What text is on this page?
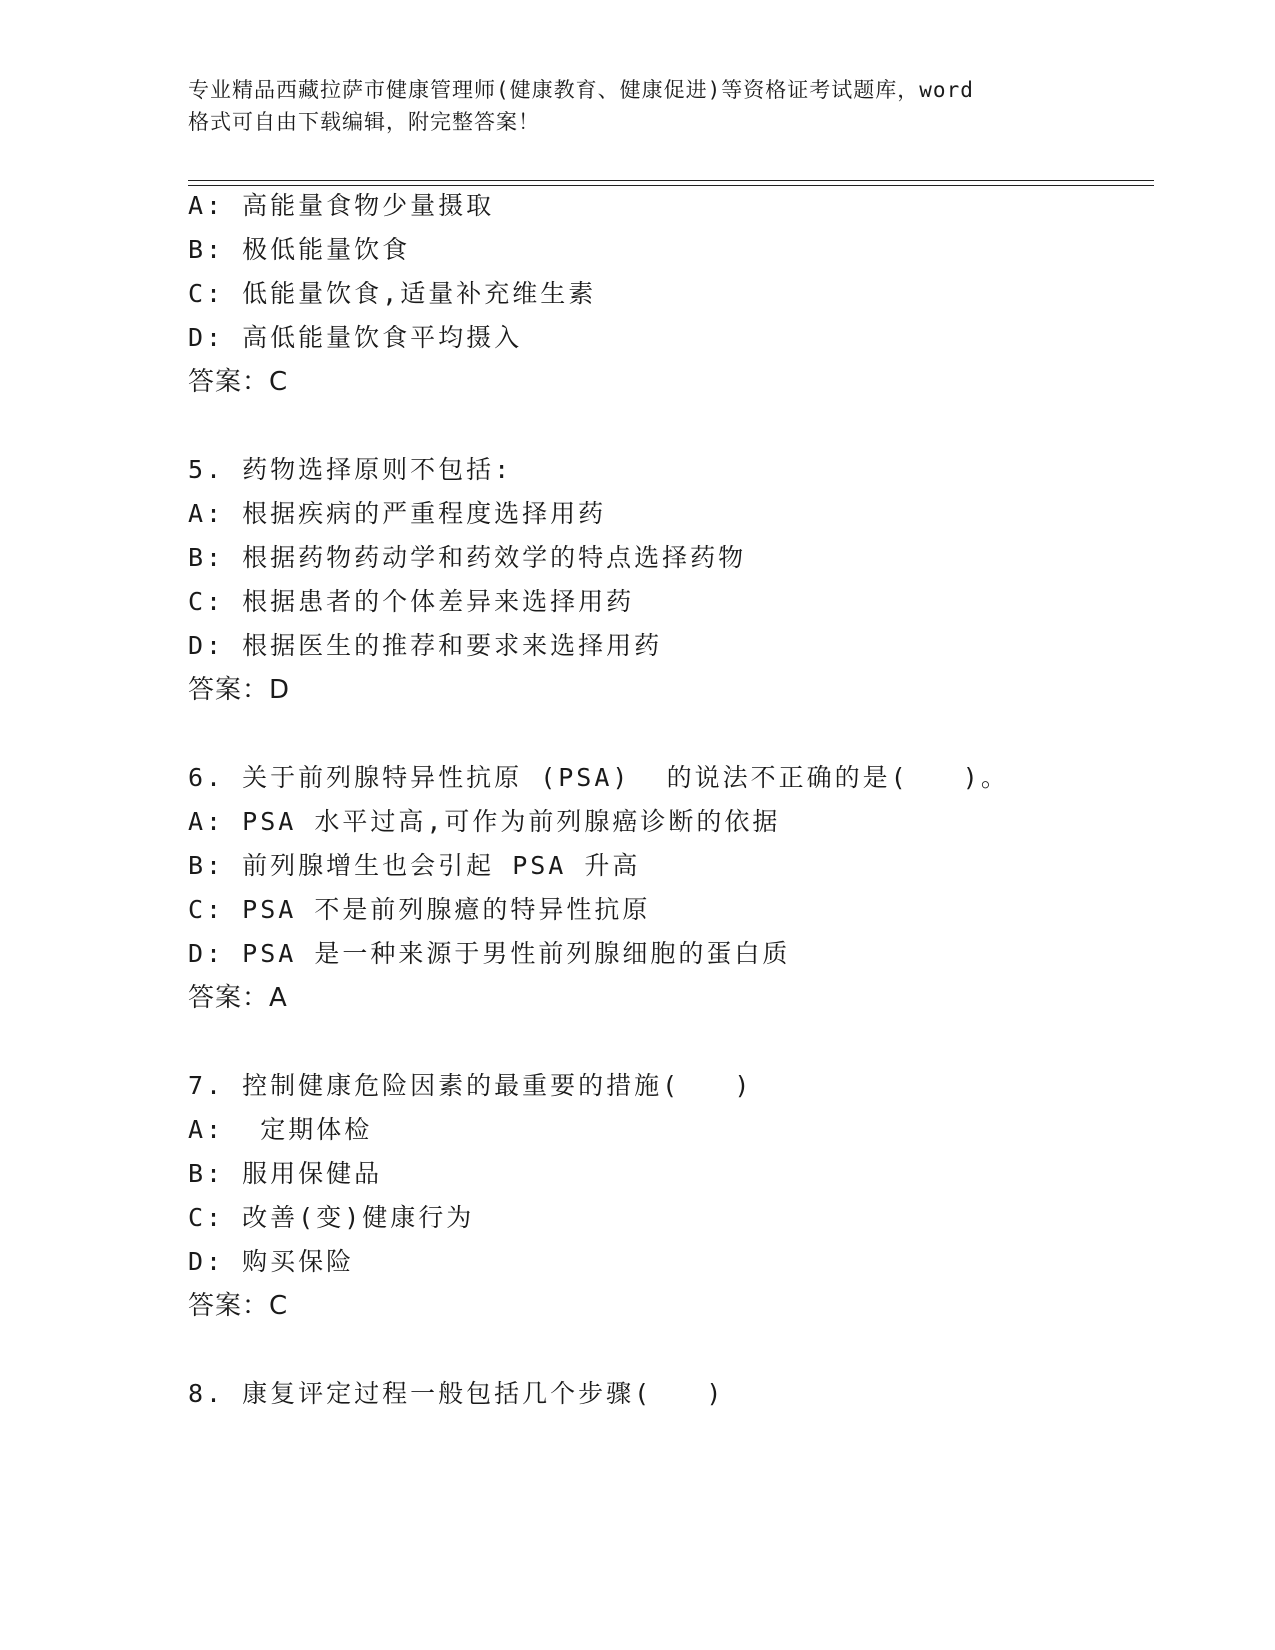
专业精品西藏拉萨市健康管理师(健康教育、健康促进)等资格证考试题库，word
格式可自由下载编辑，附完整答案！
A: 高能量食物少量摄取
B: 极低能量饮食
C: 低能量饮食,适量补充维生素
D: 高低能量饮食平均摄入
答案：C
5. 药物选择原则不包括:
A: 根据疾病的严重程度选择用药
B: 根据药物药动学和药效学的特点选择药物
C: 根据患者的个体差异来选择用药
D: 根据医生的推荐和要求来选择用药
答案：D
6. 关于前列腺特异性抗原 (PSA)  的说法不正确的是(   )。
A: PSA 水平过高,可作为前列腺癌诊断的依据
B: 前列腺增生也会引起 PSA 升高
C: PSA 不是前列腺癔的特异性抗原
D: PSA 是一种来源于男性前列腺细胞的蛋白质
答案：A
7. 控制健康危险因素的最重要的措施(   )
A:  定期体检
B: 服用保健品
C: 改善(变)健康行为
D: 购买保险
答案：C
8. 康复评定过程一般包括几个步骤(   )
